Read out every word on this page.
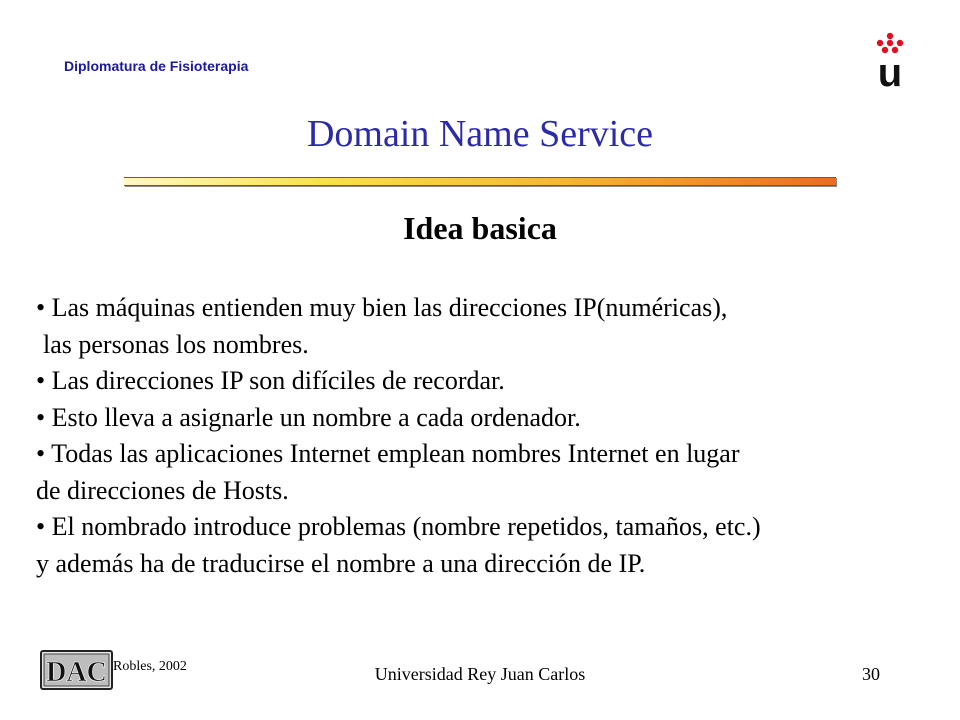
Diplomatura de Fisioterapia	u
Domain Name Service
Idea basica
• Las máquinas entienden muy bien las direcciones IP(numéricas),
las personas los nombres.
• Las direcciones IP son difíciles de recordar.
• Esto lleva a asignarle un nombre a cada ordenador.
• Todas las aplicaciones Internet emplean nombres Internet en lugar
de direcciones de Hosts.
• El nombrado introduce problemas (nombre repetidos, tamaños, etc.)
y además ha de traducirse el nombre a una dirección de IP.
DAC Robles, 2002	Universidad Rey Juan Carlos	30
